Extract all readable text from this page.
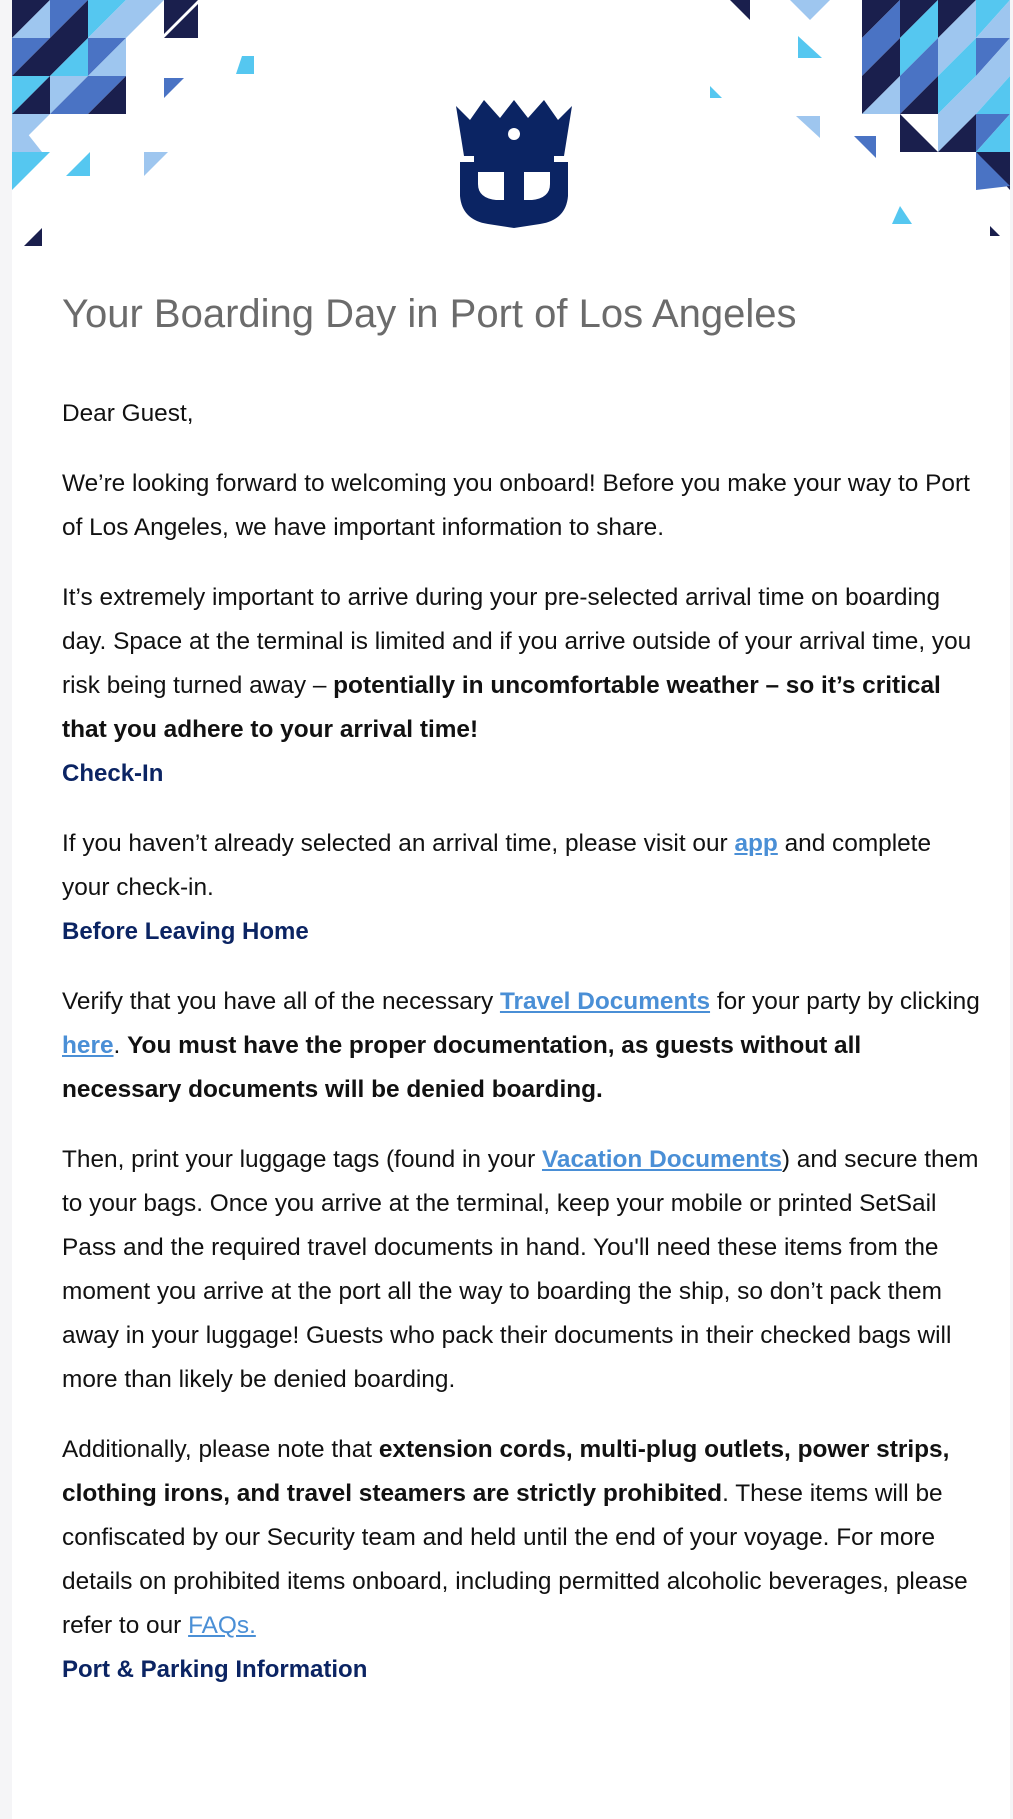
Your Boarding Day in Port of Los Angeles

Dear Guest,

We’re looking forward to welcoming you onboard! Before you make your way to Port of Los Angeles, we have important information to share.

It’s extremely important to arrive during your pre-selected arrival time on boarding day. Space at the terminal is limited and if you arrive outside of your arrival time, you risk being turned away – potentially in uncomfortable weather – so it’s critical that you adhere to your arrival time!

Check-In

If you haven’t already selected an arrival time, please visit our app and complete your check-in.

Before Leaving Home

Verify that you have all of the necessary Travel Documents for your party by clicking here. You must have the proper documentation, as guests without all necessary documents will be denied boarding.

Then, print your luggage tags (found in your Vacation Documents) and secure them to your bags. Once you arrive at the terminal, keep your mobile or printed SetSail Pass and the required travel documents in hand. You'll need these items from the moment you arrive at the port all the way to boarding the ship, so don’t pack them away in your luggage! Guests who pack their documents in their checked bags will more than likely be denied boarding.

Additionally, please note that extension cords, multi-plug outlets, power strips, clothing irons, and travel steamers are strictly prohibited. These items will be confiscated by our Security team and held until the end of your voyage. For more details on prohibited items onboard, including permitted alcoholic beverages, please refer to our FAQs.

Port & Parking Information
